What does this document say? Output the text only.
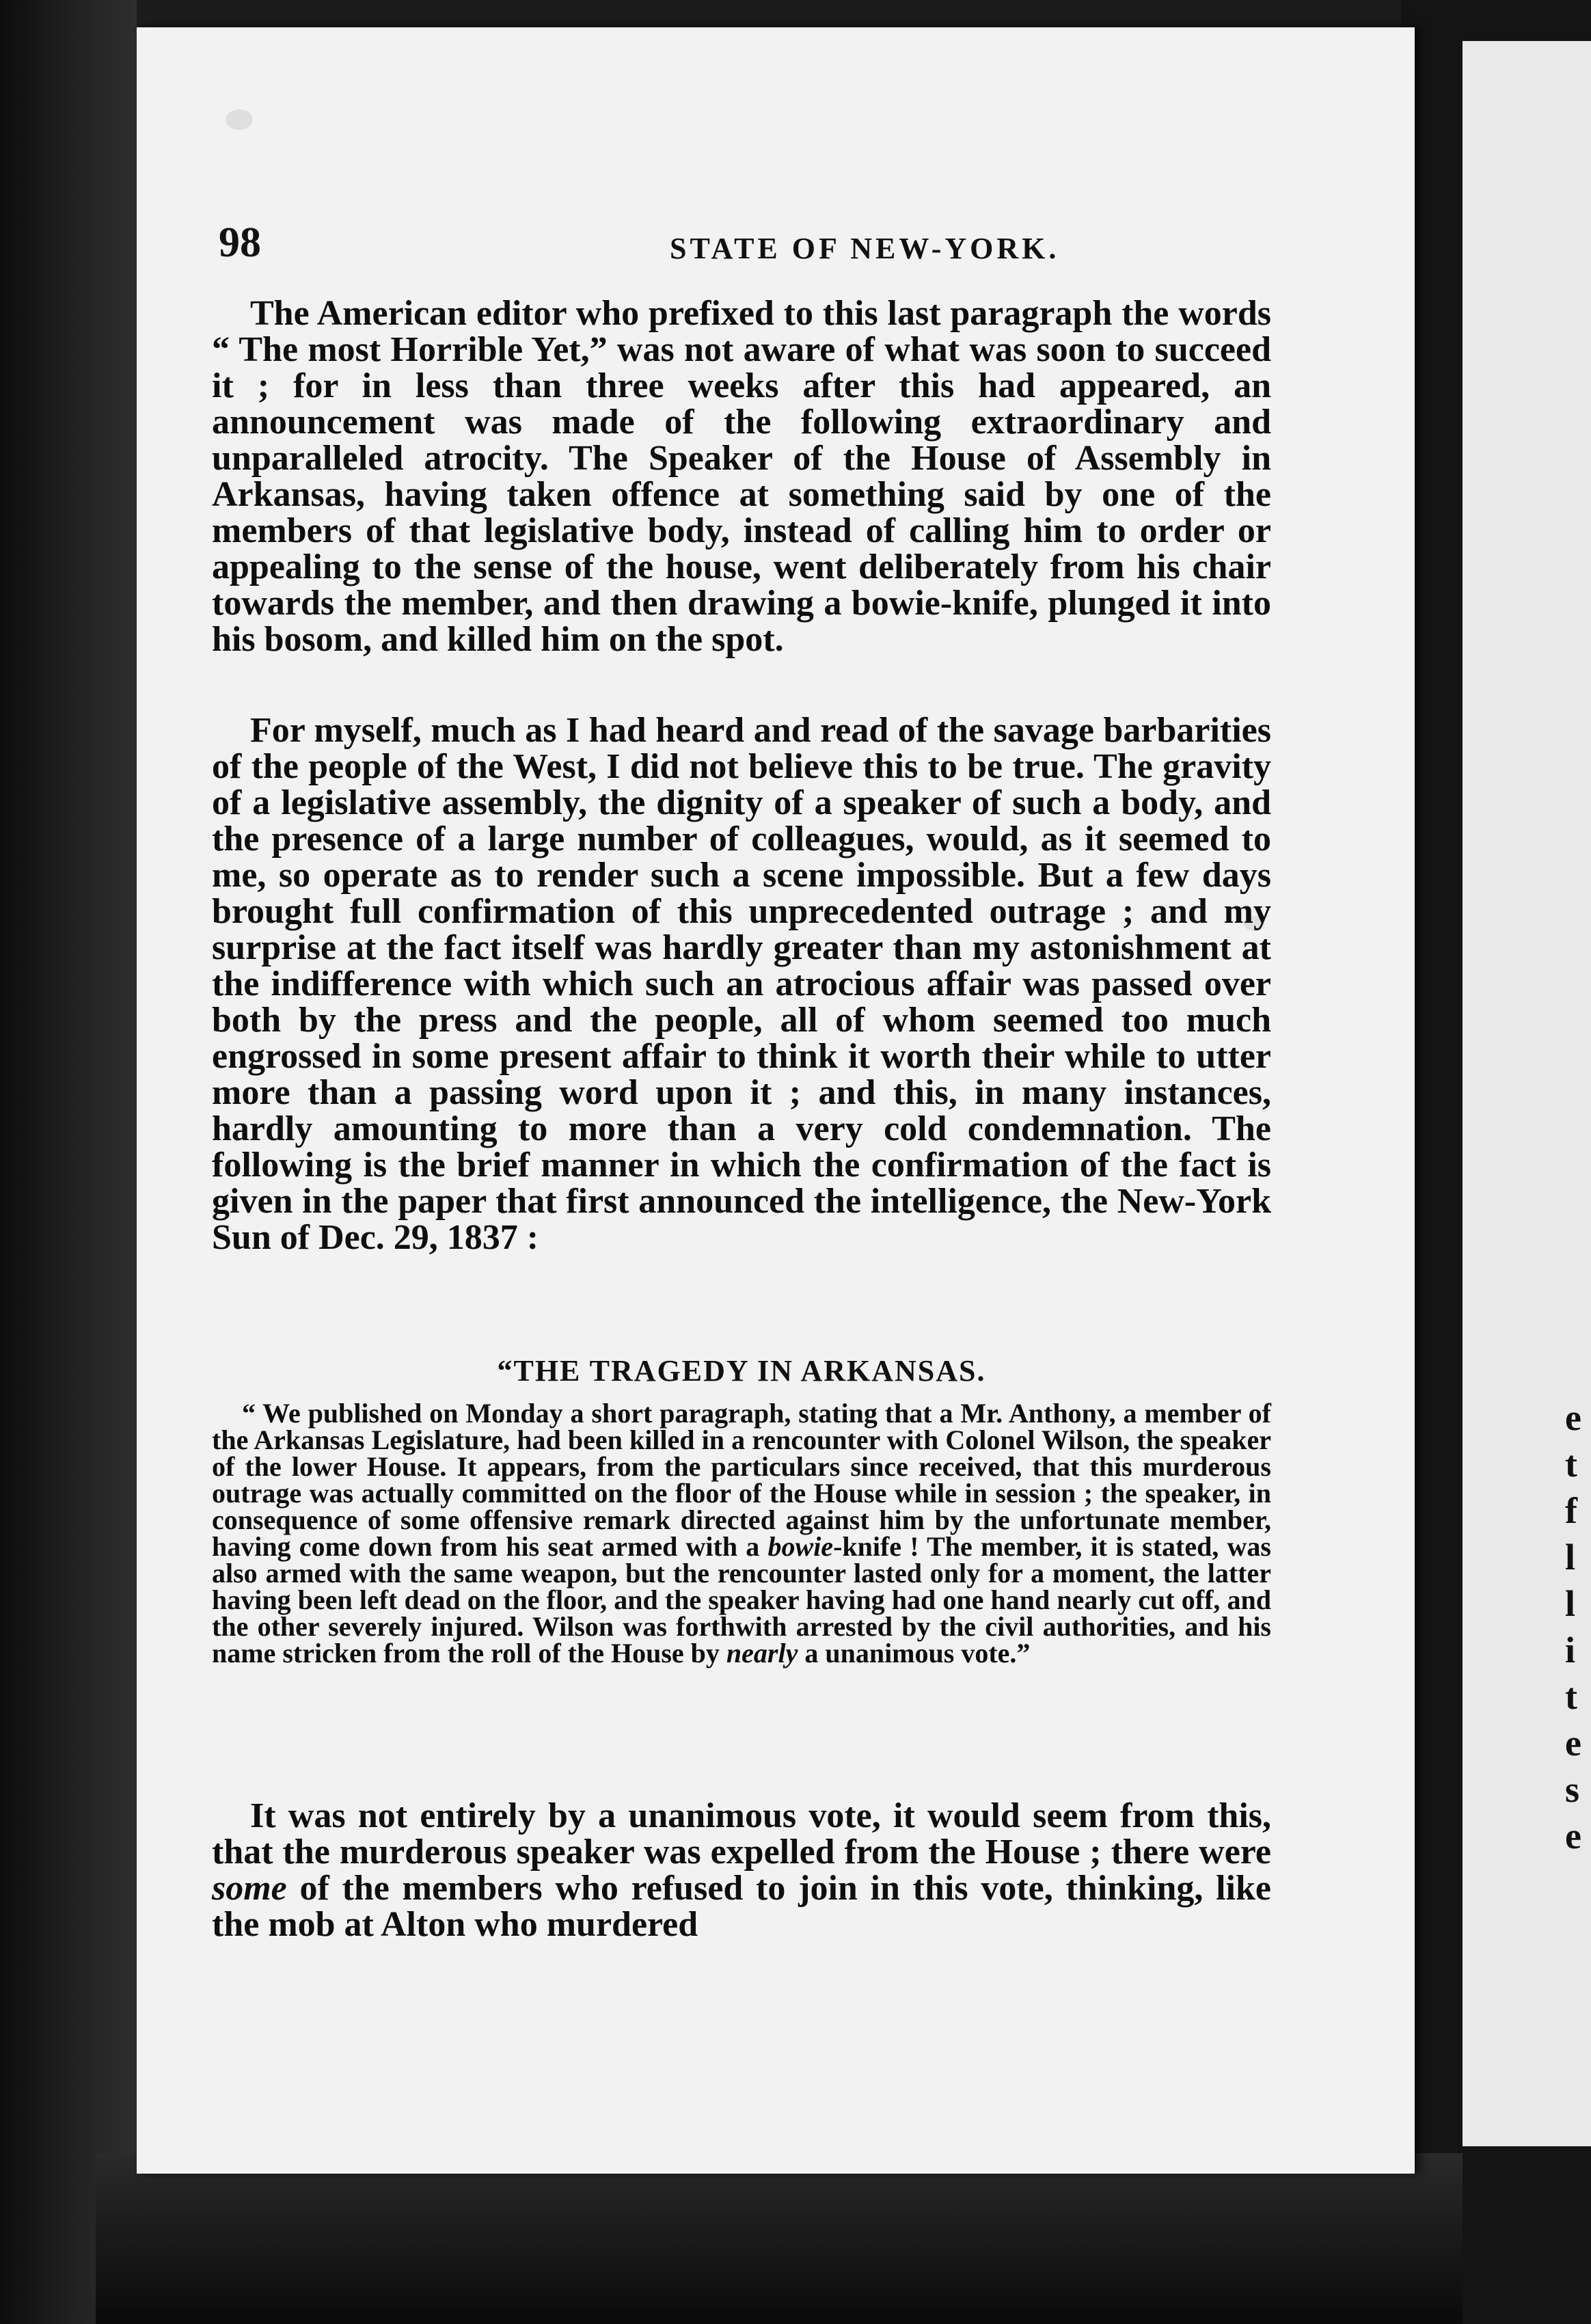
e
t
f
l
l
i
t
e
s
e
98	STATE OF NEW-YORK.

The American editor who prefixed to this last paragraph the words “ The most Horrible Yet,” was not aware of what was soon to succeed it ; for in less than three weeks after this had appeared, an announcement was made of the following extraordinary and unparalleled atrocity. The Speaker of the House of Assembly in Arkansas, having taken offence at something said by one of the members of that legislative body, instead of calling him to order or appealing to the sense of the house, went deliberately from his chair towards the member, and then drawing a bowie-knife, plunged it into his bosom, and killed him on the spot.

For myself, much as I had heard and read of the savage barbarities of the people of the West, I did not believe this to be true. The gravity of a legislative assembly, the dignity of a speaker of such a body, and the presence of a large number of colleagues, would, as it seemed to me, so operate as to render such a scene impossible. But a few days brought full confirmation of this unprecedented outrage ; and my surprise at the fact itself was hardly greater than my astonishment at the indifference with which such an atrocious affair was passed over both by the press and the people, all of whom seemed too much engrossed in some present affair to think it worth their while to utter more than a passing word upon it ; and this, in many instances, hardly amounting to more than a very cold condemnation. The following is the brief manner in which the confirmation of the fact is given in the paper that first announced the intelligence, the New-York Sun of Dec. 29, 1837 :

“THE TRAGEDY IN ARKANSAS.

“ We published on Monday a short paragraph, stating that a Mr. Anthony, a member of the Arkansas Legislature, had been killed in a rencounter with Colonel Wilson, the speaker of the lower House. It appears, from the particulars since received, that this murderous outrage was actually committed on the floor of the House while in session ; the speaker, in consequence of some offensive remark directed against him by the unfortunate member, having come down from his seat armed with a bowie-knife ! The member, it is stated, was also armed with the same weapon, but the rencounter lasted only for a moment, the latter having been left dead on the floor, and the speaker having had one hand nearly cut off, and the other severely injured. Wilson was forthwith arrested by the civil authorities, and his name stricken from the roll of the House by nearly a unanimous vote.”

It was not entirely by a unanimous vote, it would seem from this, that the murderous speaker was expelled from the House ; there were some of the members who refused to join in this vote, thinking, like the mob at Alton who murdered
